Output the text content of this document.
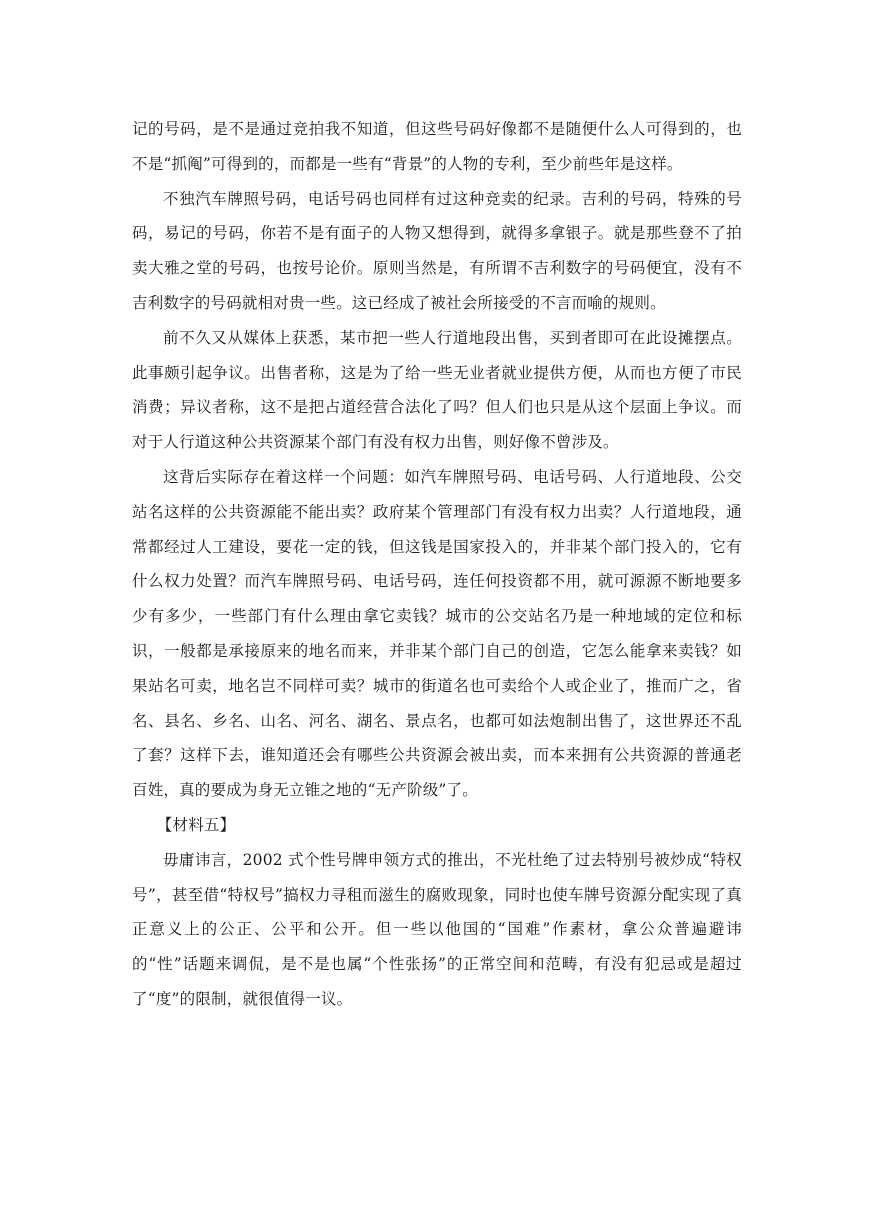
记的号码，是不是通过竞拍我不知道，但这些号码好像都不是随便什么人可得到的，也不是“抓阄”可得到的，而都是一些有“背景”的人物的专利，至少前些年是这样。

不独汽车牌照号码，电话号码也同样有过这种竞卖的纪录。吉利的号码，特殊的号码，易记的号码，你若不是有面子的人物又想得到，就得多拿银子。就是那些登不了拍卖大雅之堂的号码，也按号论价。原则当然是，有所谓不吉利数字的号码便宜，没有不吉利数字的号码就相对贵一些。这已经成了被社会所接受的不言而喻的规则。

前不久又从媒体上获悉，某市把一些人行道地段出售，买到者即可在此设摊摆点。此事颇引起争议。出售者称，这是为了给一些无业者就业提供方便，从而也方便了市民消费；异议者称，这不是把占道经营合法化了吗？但人们也只是从这个层面上争议。而对于人行道这种公共资源某个部门有没有权力出售，则好像不曾涉及。

这背后实际存在着这样一个问题：如汽车牌照号码、电话号码、人行道地段、公交站名这样的公共资源能不能出卖？政府某个管理部门有没有权力出卖？人行道地段，通常都经过人工建设，要花一定的钱，但这钱是国家投入的，并非某个部门投入的，它有什么权力处置？而汽车牌照号码、电话号码，连任何投资都不用，就可源源不断地要多少有多少，一些部门有什么理由拿它卖钱？城市的公交站名乃是一种地域的定位和标识，一般都是承接原来的地名而来，并非某个部门自己的创造，它怎么能拿来卖钱？如果站名可卖，地名岂不同样可卖？城市的街道名也可卖给个人或企业了，推而广之，省名、县名、乡名、山名、河名、湖名、景点名，也都可如法炮制出售了，这世界还不乱了套？这样下去，谁知道还会有哪些公共资源会被出卖，而本来拥有公共资源的普通老百姓，真的要成为身无立锥之地的“无产阶级”了。

【材料五】

毋庸讳言，2002 式个性号牌申领方式的推出，不光杜绝了过去特别号被炒成“特权号”，甚至借“特权号”搞权力寻租而滋生的腐败现象，同时也使车牌号资源分配实现了真正意义上的公正、公平和公开。但一些以他国的“国难”作素材，拿公众普遍避讳的“性”话题来调侃，是不是也属“个性张扬”的正常空间和范畴，有没有犯忌或是超过了“度”的限制，就很值得一议。
